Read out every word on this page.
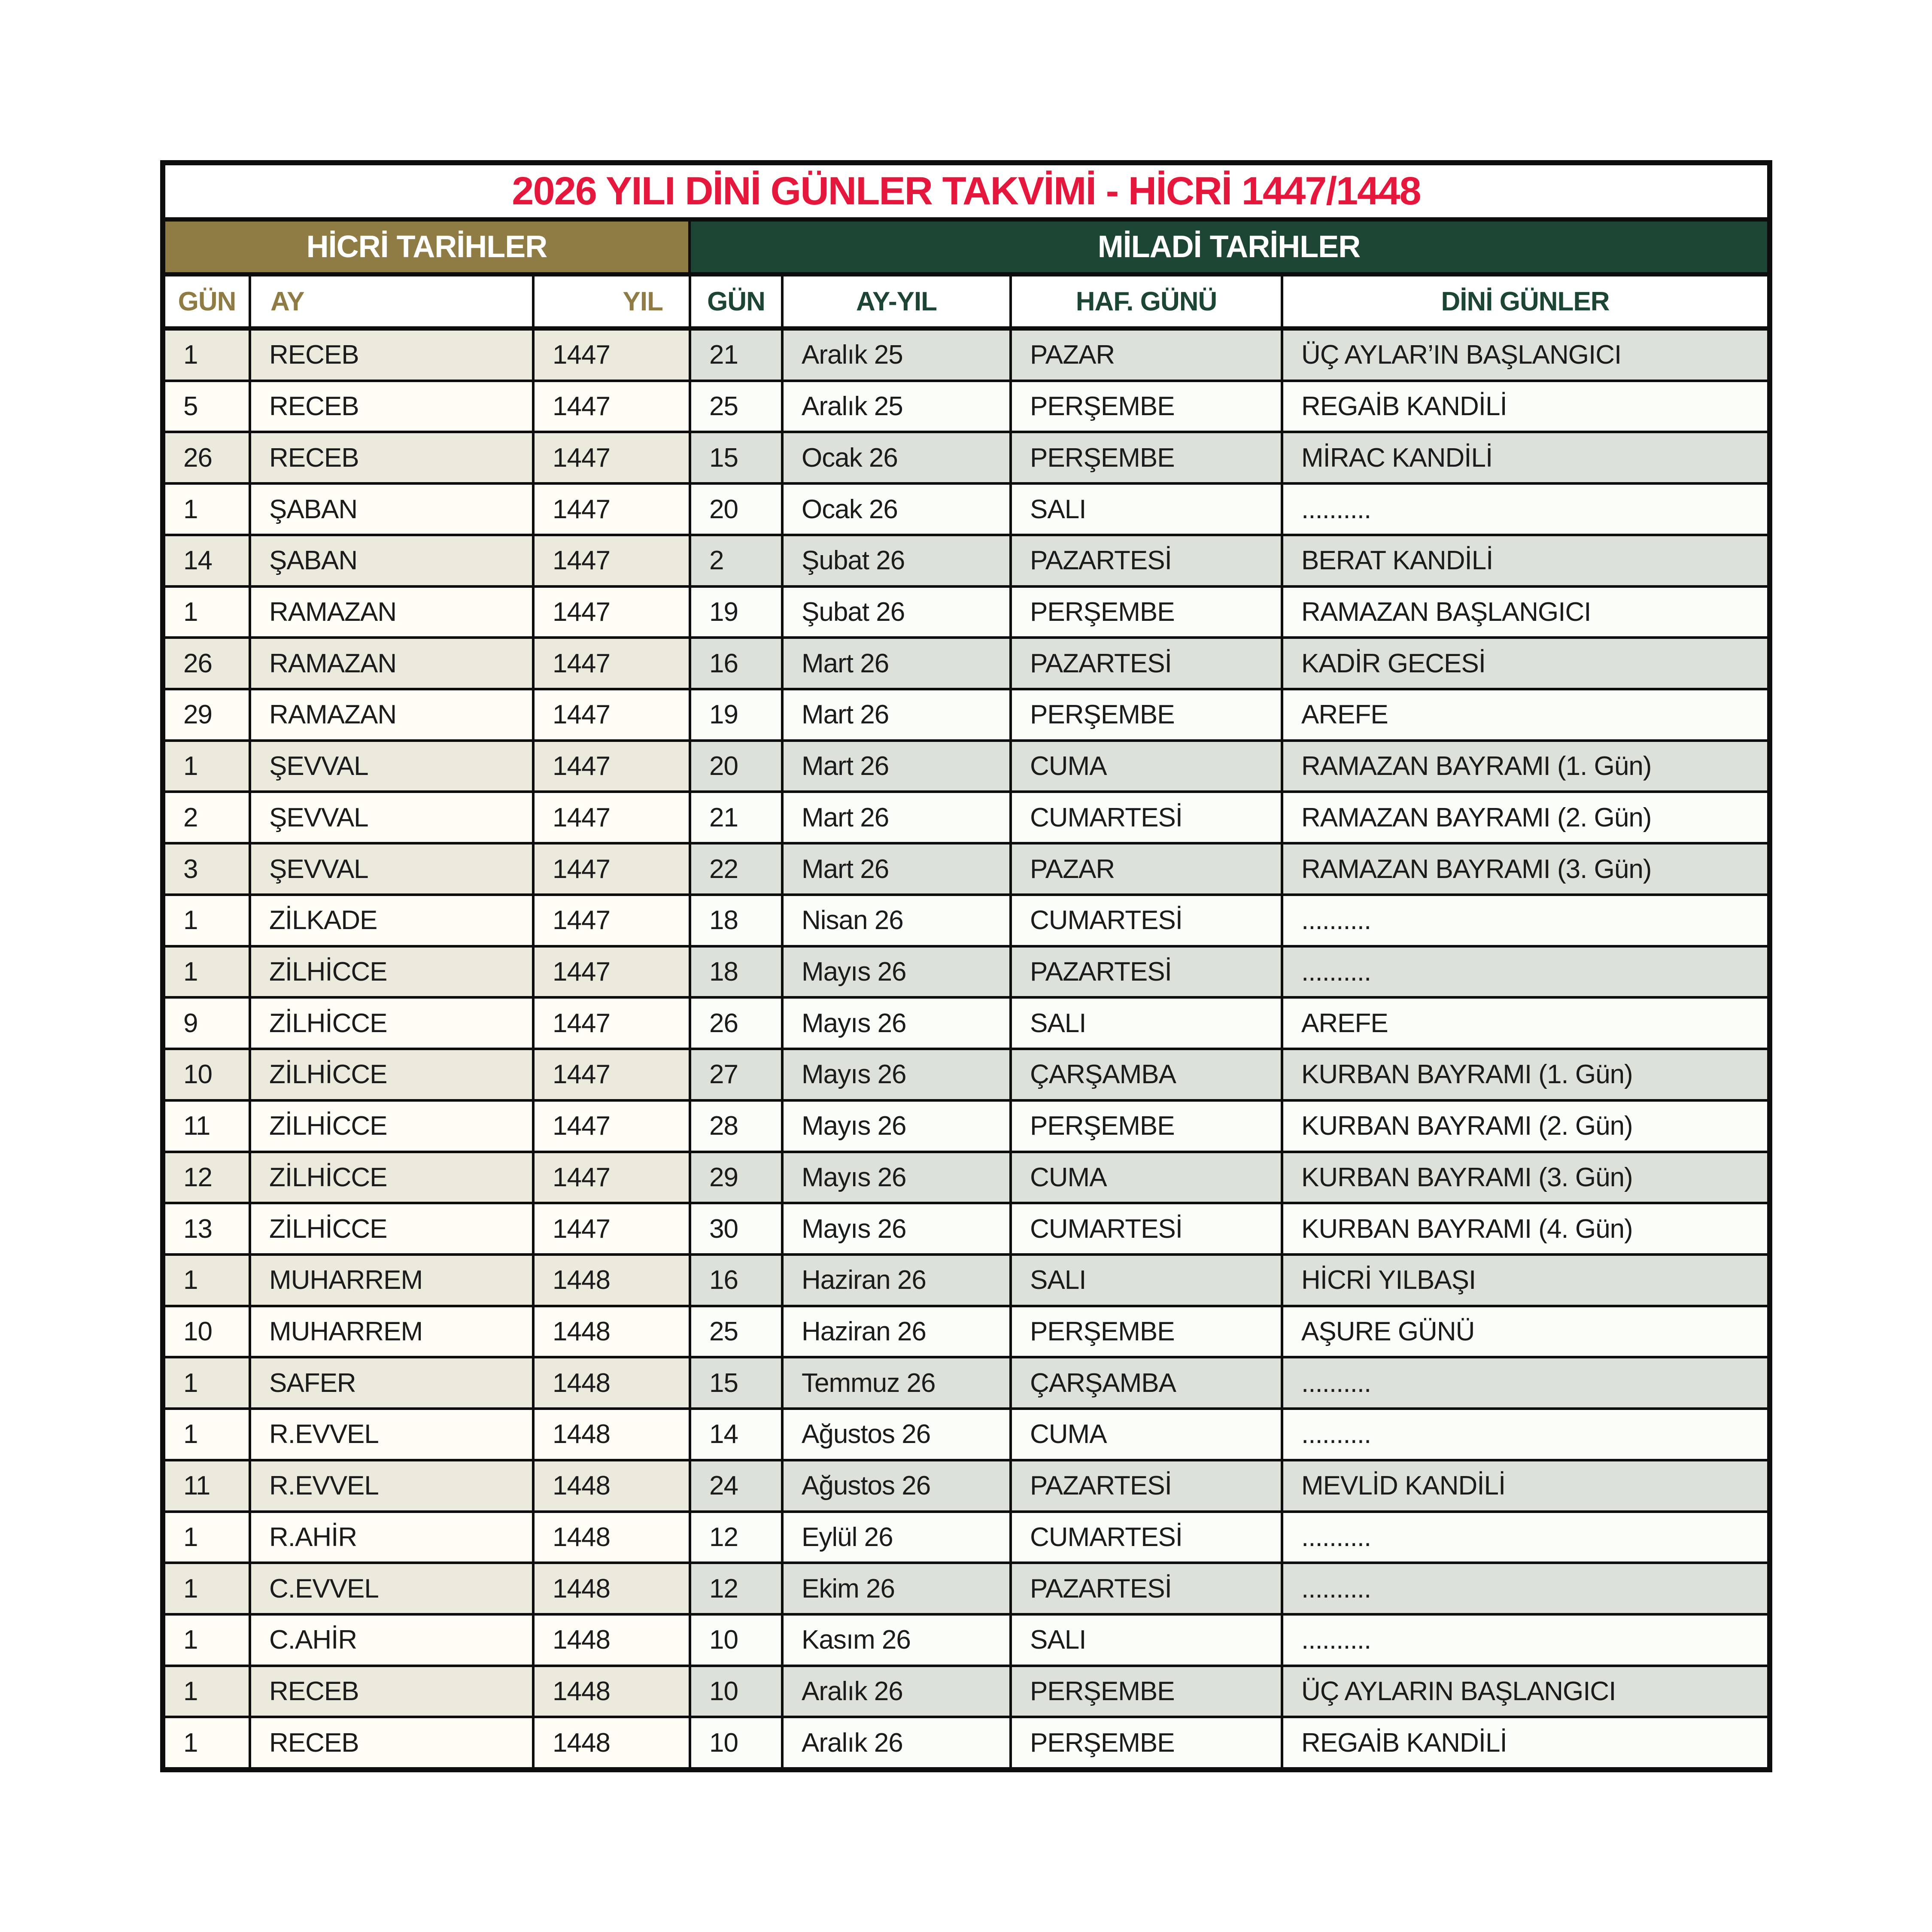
2026 YILI DİNİ GÜNLER TAKVİMİ - HİCRİ 1447/1448
HİCRİ TARİHLER	MİLADİ TARİHLER
GÜN	AY	YIL	GÜN	AY-YIL	HAF. GÜNÜ	DİNİ GÜNLER
1	RECEB	1447	21	Aralık 25	PAZAR	ÜÇ AYLAR’IN BAŞLANGICI
5	RECEB	1447	25	Aralık 25	PERŞEMBE	REGAİB KANDİLİ
26	RECEB	1447	15	Ocak 26	PERŞEMBE	MİRAC KANDİLİ
1	ŞABAN	1447	20	Ocak 26	SALI	..........
14	ŞABAN	1447	2	Şubat 26	PAZARTESİ	BERAT KANDİLİ
1	RAMAZAN	1447	19	Şubat 26	PERŞEMBE	RAMAZAN BAŞLANGICI
26	RAMAZAN	1447	16	Mart 26	PAZARTESİ	KADİR GECESİ
29	RAMAZAN	1447	19	Mart 26	PERŞEMBE	AREFE
1	ŞEVVAL	1447	20	Mart 26	CUMA	RAMAZAN BAYRAMI (1. Gün)
2	ŞEVVAL	1447	21	Mart 26	CUMARTESİ	RAMAZAN BAYRAMI (2. Gün)
3	ŞEVVAL	1447	22	Mart 26	PAZAR	RAMAZAN BAYRAMI (3. Gün)
1	ZİLKADE	1447	18	Nisan 26	CUMARTESİ	..........
1	ZİLHİCCE	1447	18	Mayıs 26	PAZARTESİ	..........
9	ZİLHİCCE	1447	26	Mayıs 26	SALI	AREFE
10	ZİLHİCCE	1447	27	Mayıs 26	ÇARŞAMBA	KURBAN BAYRAMI (1. Gün)
11	ZİLHİCCE	1447	28	Mayıs 26	PERŞEMBE	KURBAN BAYRAMI (2. Gün)
12	ZİLHİCCE	1447	29	Mayıs 26	CUMA	KURBAN BAYRAMI (3. Gün)
13	ZİLHİCCE	1447	30	Mayıs 26	CUMARTESİ	KURBAN BAYRAMI (4. Gün)
1	MUHARREM	1448	16	Haziran 26	SALI	HİCRİ YILBAŞI
10	MUHARREM	1448	25	Haziran 26	PERŞEMBE	AŞURE GÜNÜ
1	SAFER	1448	15	Temmuz 26	ÇARŞAMBA	..........
1	R.EVVEL	1448	14	Ağustos 26	CUMA	..........
11	R.EVVEL	1448	24	Ağustos 26	PAZARTESİ	MEVLİD KANDİLİ
1	R.AHİR	1448	12	Eylül 26	CUMARTESİ	..........
1	C.EVVEL	1448	12	Ekim 26	PAZARTESİ	..........
1	C.AHİR	1448	10	Kasım 26	SALI	..........
1	RECEB	1448	10	Aralık 26	PERŞEMBE	ÜÇ AYLARIN BAŞLANGICI
1	RECEB	1448	10	Aralık 26	PERŞEMBE	REGAİB KANDİLİ
